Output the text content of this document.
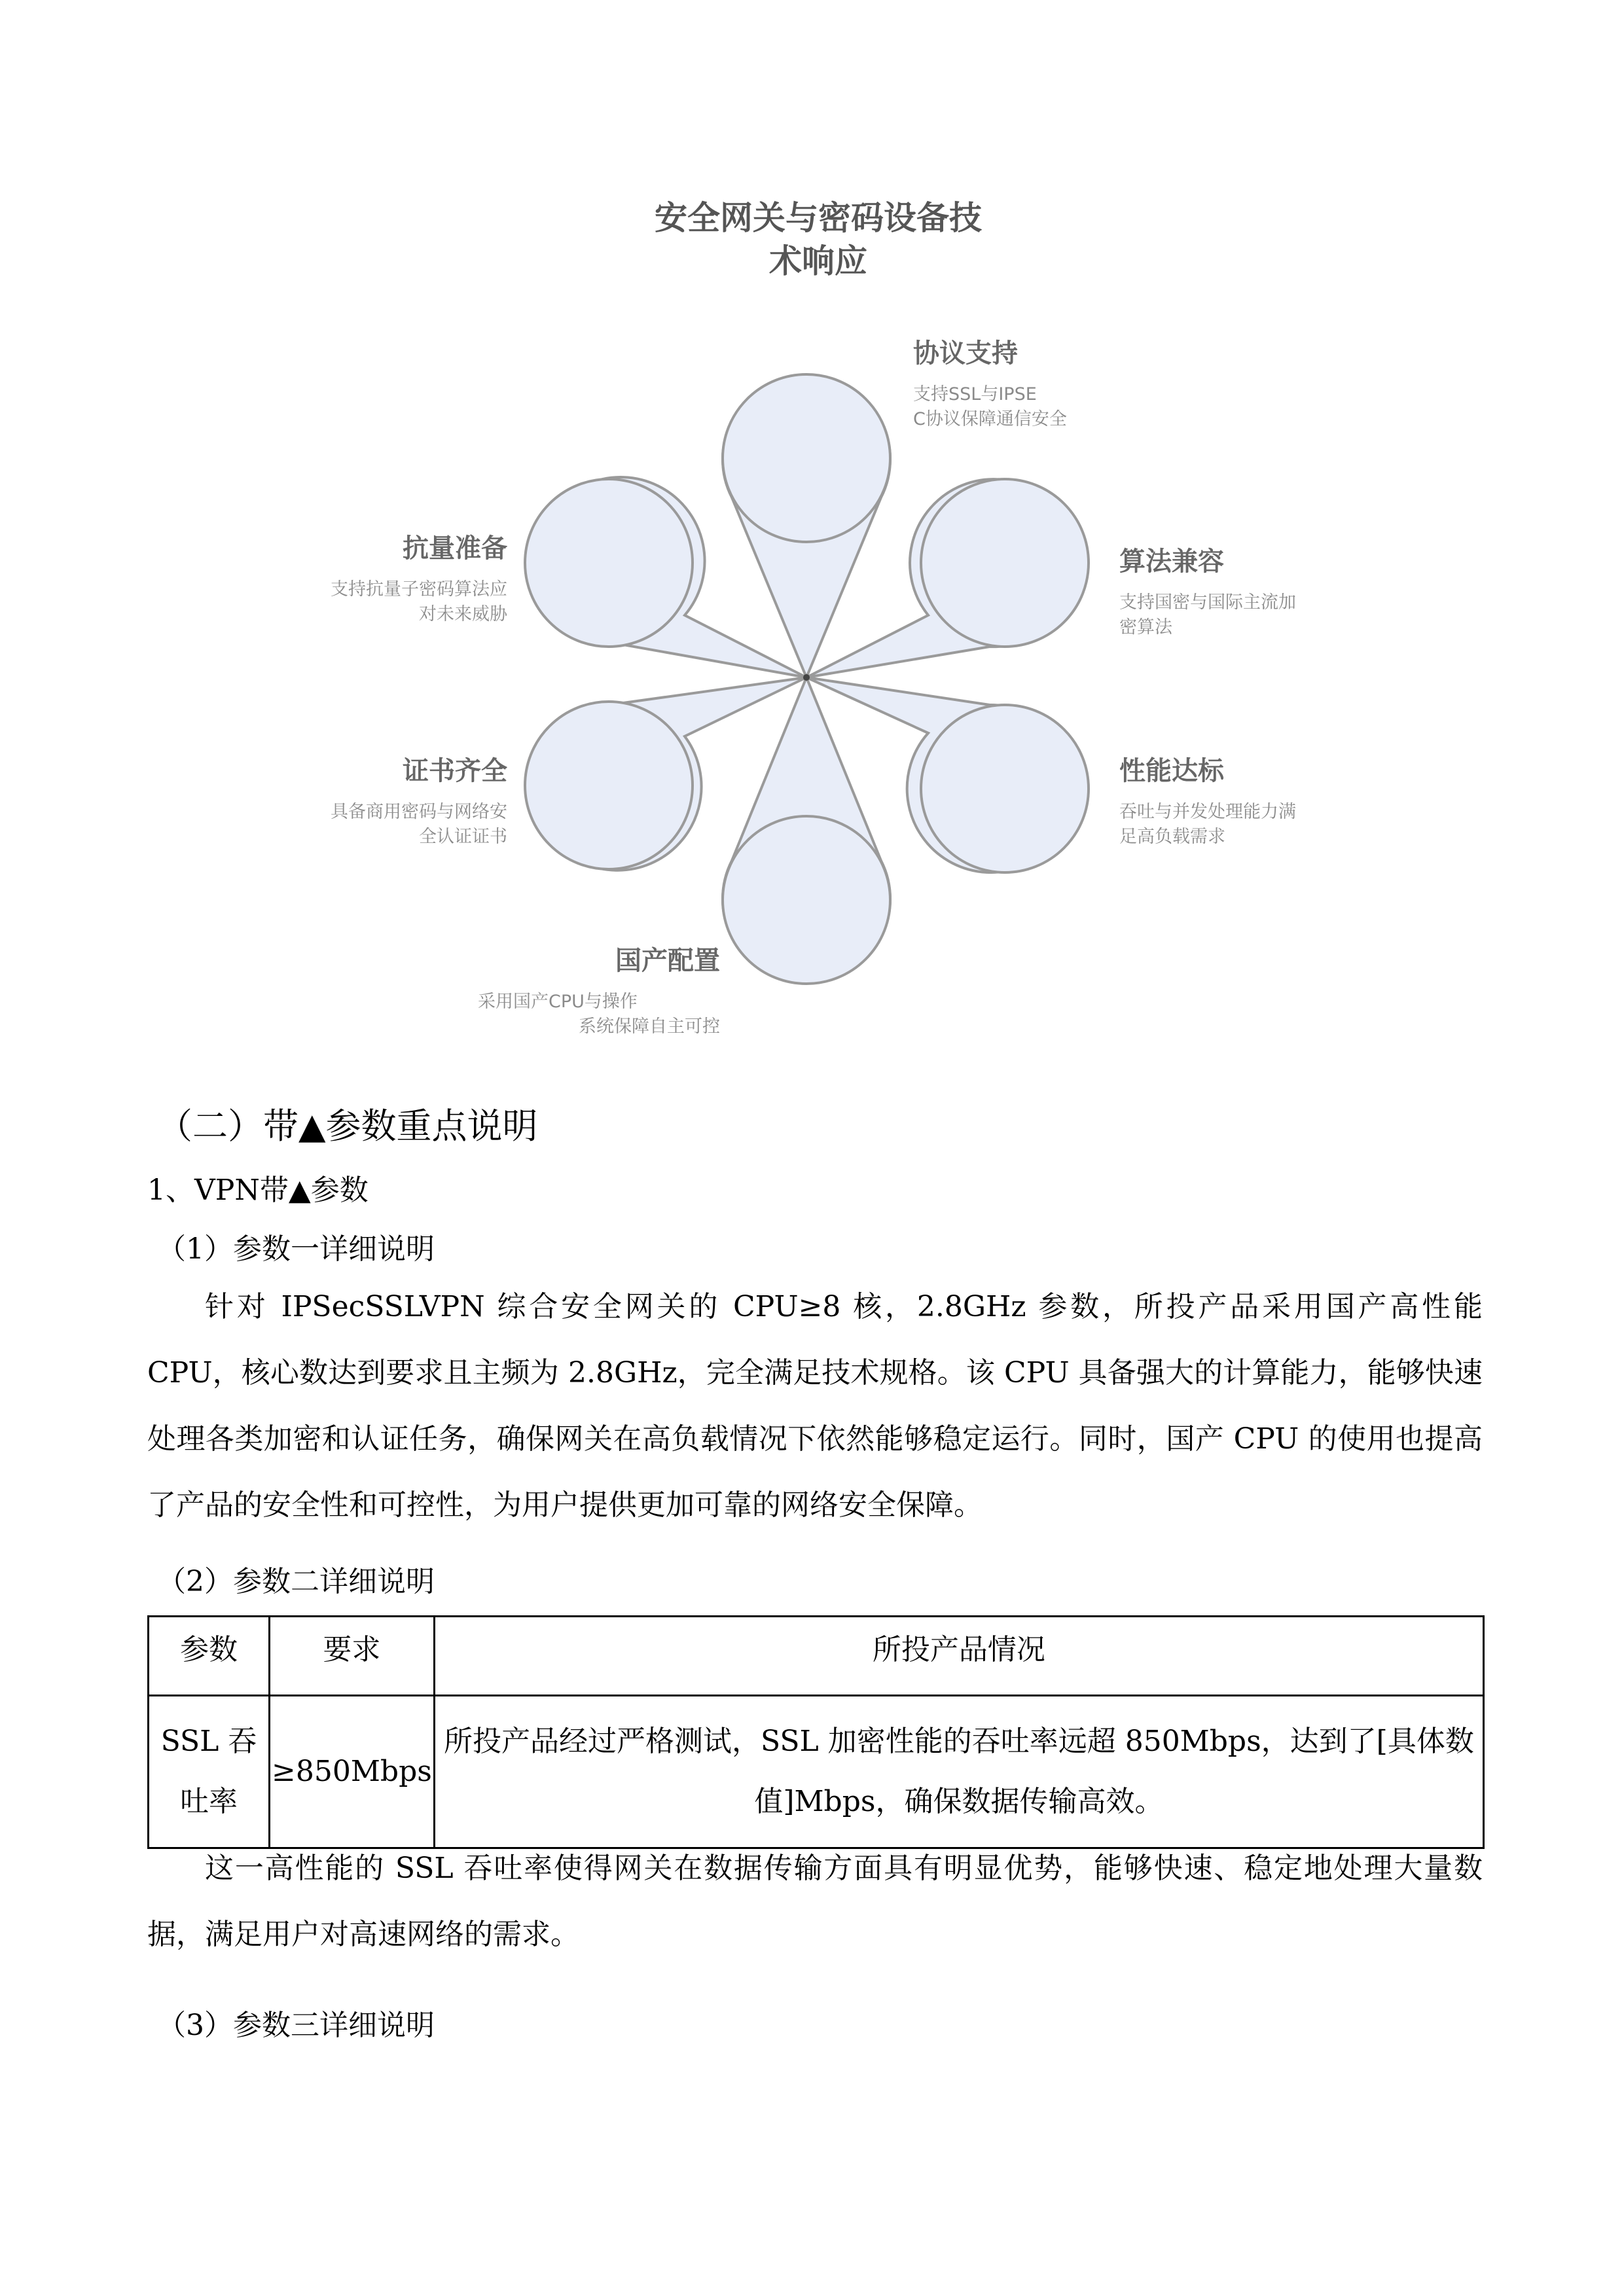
安全网关与密码设备技
术响应
协议支持
支持SSL与IPSE
C协议保障通信安全
算法兼容
支持国密与国际主流加
密算法
性能达标
吞吐与并发处理能力满
足高负载需求
国产配置
采用国产CPU与操作
系统保障自主可控
证书齐全
具备商用密码与网络安
全认证证书
抗量准备
支持抗量子密码算法应
对未来威胁
（二）带▲参数重点说明
1、VPN带▲参数
（1）参数一详细说明
针对 IPSecSSLVPN 综合安全网关的 CPU≥8 核，2.8GHz 参数，所投产品采用国产高性能 CPU，核心数达到要求且主频为 2.8GHz，完全满足技术规格。该 CPU 具备强大的计算能力，能够快速处理各类加密和认证任务，确保网关在高负载情况下依然能够稳定运行。同时，国产 CPU 的使用也提高了产品的安全性和可控性，为用户提供更加可靠的网络安全保障。
（2）参数二详细说明
参数	要求	所投产品情况
SSL 吞吐率	≥850Mbps	所投产品经过严格测试，SSL 加密性能的吞吐率远超 850Mbps，达到了[具体数值]Mbps，确保数据传输高效。
这一高性能的 SSL 吞吐率使得网关在数据传输方面具有明显优势，能够快速、稳定地处理大量数据，满足用户对高速网络的需求。
（3）参数三详细说明
